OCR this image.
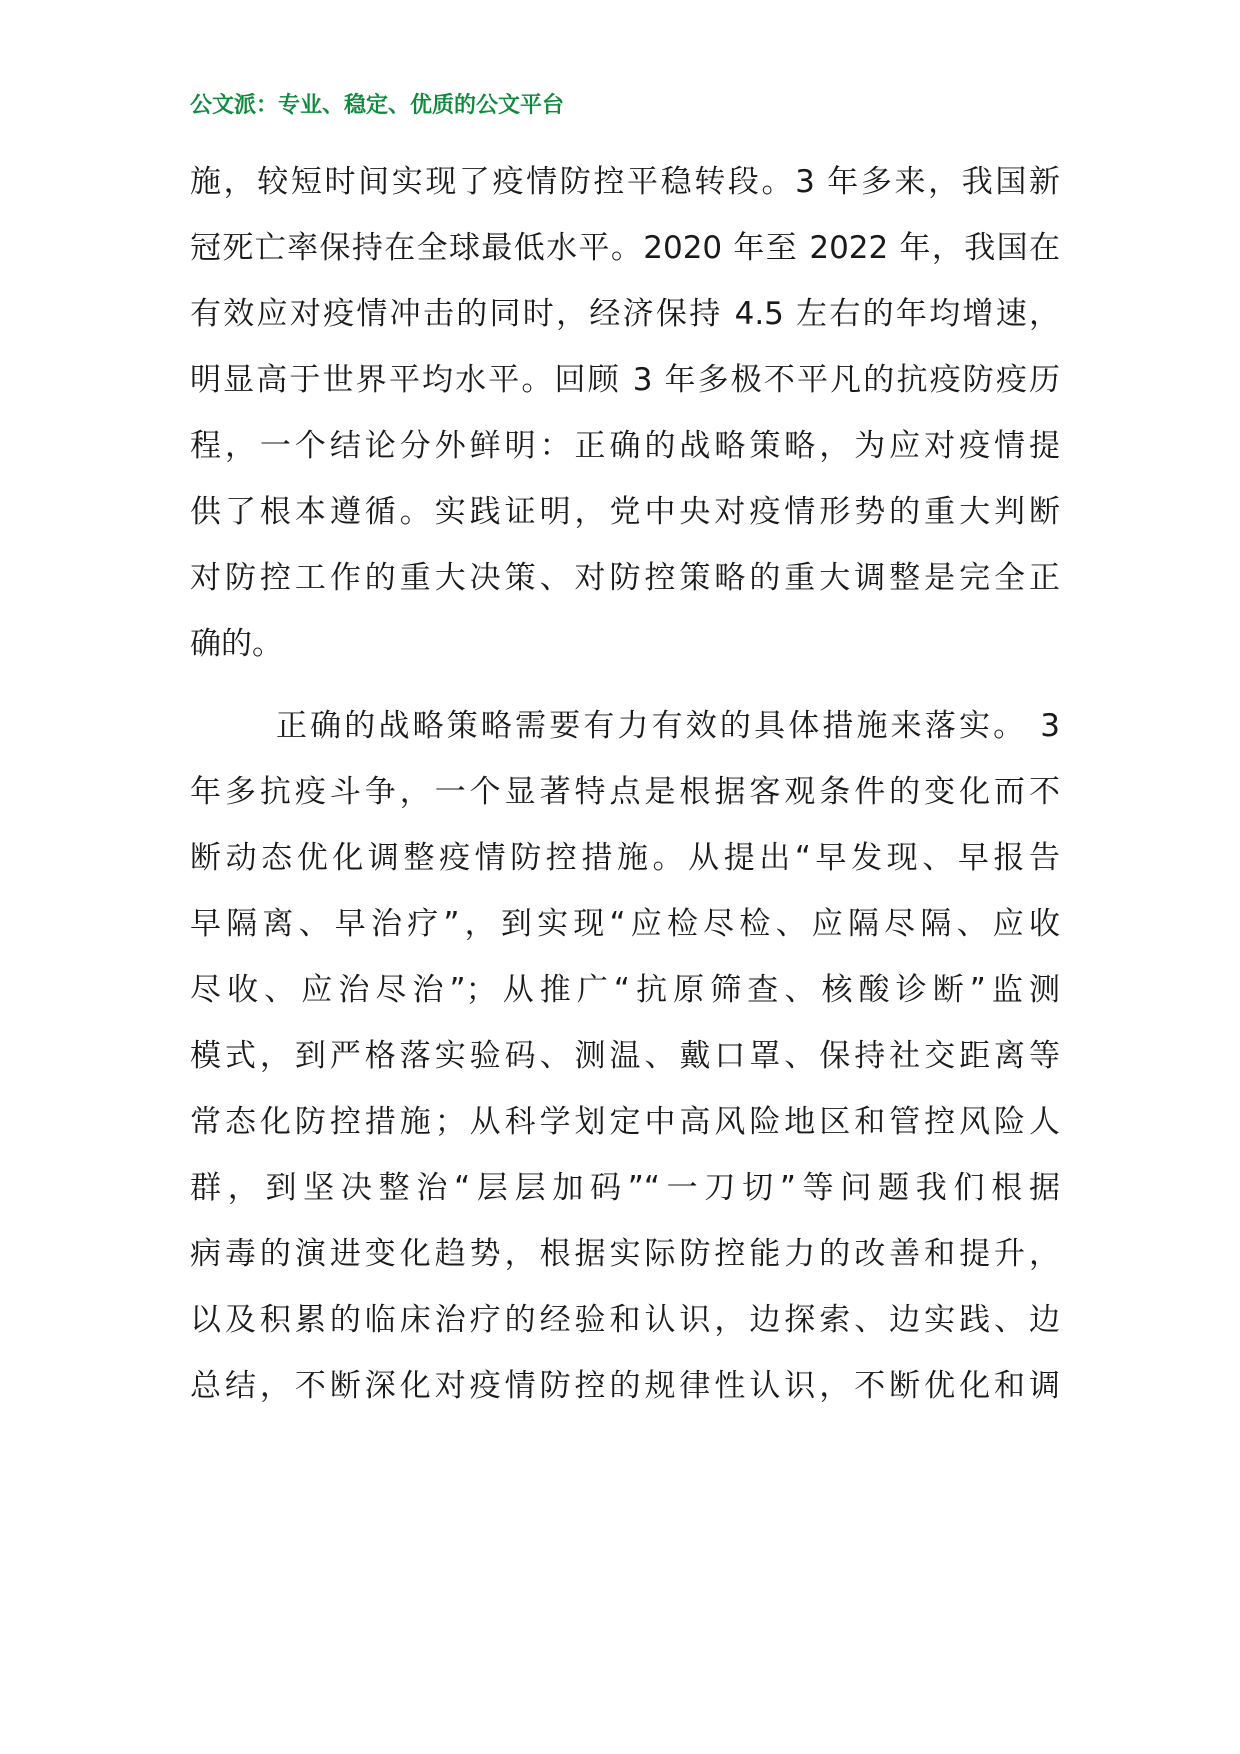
公文派：专业、稳定、优质的公文平台
施，较短时间实现了疫情防控平稳转段。3 年多来，我国新
冠死亡率保持在全球最低水平。2020 年至 2022 年，我国在
有效应对疫情冲击的同时，经济保持 4.5 左右的年均增速，
明显高于世界平均水平。回顾 3 年多极不平凡的抗疫防疫历
程，一个结论分外鲜明：正确的战略策略，为应对疫情提
供了根本遵循。实践证明，党中央对疫情形势的重大判断
对防控工作的重大决策、对防控策略的重大调整是完全正
确的。
正确的战略策略需要有力有效的具体措施来落实。 3
年多抗疫斗争，一个显著特点是根据客观条件的变化而不
断动态优化调整疫情防控措施。从提出“早发现、早报告
早隔离、早治疗”，到实现“应检尽检、应隔尽隔、应收
尽收、应治尽治”；从推广“抗原筛查、核酸诊断”监测
模式，到严格落实验码、测温、戴口罩、保持社交距离等
常态化防控措施；从科学划定中高风险地区和管控风险人
群，到坚决整治“层层加码”“一刀切”等问题我们根据
病毒的演进变化趋势，根据实际防控能力的改善和提升，
以及积累的临床治疗的经验和认识，边探索、边实践、边
总结，不断深化对疫情防控的规律性认识，不断优化和调
